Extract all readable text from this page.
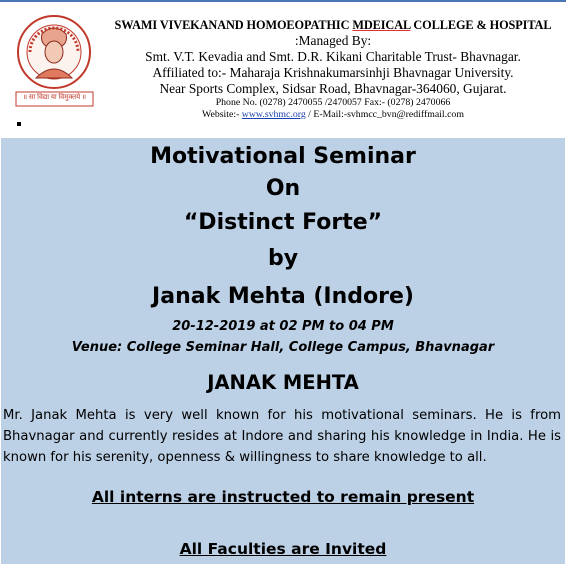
॥ सा विद्या या विमुक्तये ॥
SWAMI VIVEKANAND HOMOEOPATHIC MDEICAL COLLEGE & HOSPITAL
:Managed By:
Smt. V.T. Kevadia and Smt. D.R. Kikani Charitable Trust- Bhavnagar.
Affiliated to:- Maharaja Krishnakumarsinhji Bhavnagar University.
Near Sports Complex, Sidsar Road, Bhavnagar-364060, Gujarat.
Phone No. (0278) 2470055 /2470057 Fax:- (0278) 2470066
Website:- www.svhmc.org / E-Mail:-svhmcc_bvn@rediffmail.com
Motivational Seminar
On
“Distinct Forte”
by
Janak Mehta (Indore)
20-12-2019 at 02 PM to 04 PM
Venue: College Seminar Hall, College Campus, Bhavnagar
JANAK MEHTA
Mr. Janak Mehta is very well known for his motivational seminars. He is from Bhavnagar and currently resides at Indore and sharing his knowledge in India. He is known for his serenity, openness & willingness to share knowledge to all.
All interns are instructed to remain present
All Faculties are Invited
